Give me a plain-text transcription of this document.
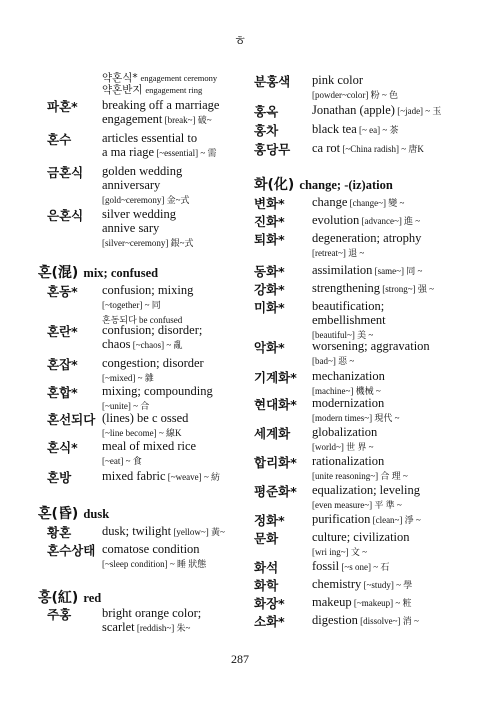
ㅎ
약혼식* engagement ceremony
약혼반지 engagement ring
파혼* breaking off a marriage
engagement [break~] 破~
혼수 articles essential to
a ma riage [~essential] ~ 需
금혼식 golden wedding
anniversary
[gold~ceremony] 金~式
은혼식 silver wedding
annive sary
[silver~ceremony] 銀~式
혼(混) mix; confused
혼동* confusion; mixing
[~together] ~ 同
혼동되다 be confused
혼란* confusion; disorder;
chaos [~chaos] ~ 亂
혼잡* congestion; disorder
[~mixed] ~ 雜
혼합* mixing; compounding
[~unite] ~ 合
혼선되다 (lines) be c ossed
[~line become] ~ 線K
혼식* meal of mixed rice
[~eat] ~ 食
혼방 mixed fabric [~weave] ~ 紡
혼(昏) dusk
황혼 dusk; twilight [yellow~] 黃~
혼수상태 comatose condition
[~sleep condition] ~ 睡 狀態
홍(紅) red
주홍 bright orange color;
scarlet [reddish~] 朱~
분홍색 pink color
[powder~color] 粉 ~ 色
홍옥	Jonathan (apple) [~jade] ~ 玉
홍차	black tea [~ ea] ~ 茶
홍당무 ca rot [~China radish] ~ 唐K
화(化) change; -(iz)ation
변화* change [change~] 變 ~
진화* evolution [advance~] 進 ~
퇴화* degeneration; atrophy
[retreat~] 退 ~
동화* assimilation [same~] 同 ~
강화* strengthening [strong~] 强 ~
미화* beautification;
embellishment
[beautiful~] 美 ~
악화* worsening; aggravation
[bad~] 惡 ~
기계화* mechanization
[machine~] 機械 ~
현대화* modernization
[modern times~] 現代 ~
세계화 globalization
[world~] 世 界 ~
합리화* rationalization
[unite reasoning~] 合 理 ~
평준화* equalization; leveling
[even measure~] 平 準 ~
정화* purification [clean~] 淨 ~
문화	culture; civilization
[wri ing~] 文 ~
화석	fossil [~s one] ~ 石
화학	chemistry [~study] ~ 學
화장* makeup [~makeup] ~ 粧
소화* digestion [dissolve~] 消 ~
287
